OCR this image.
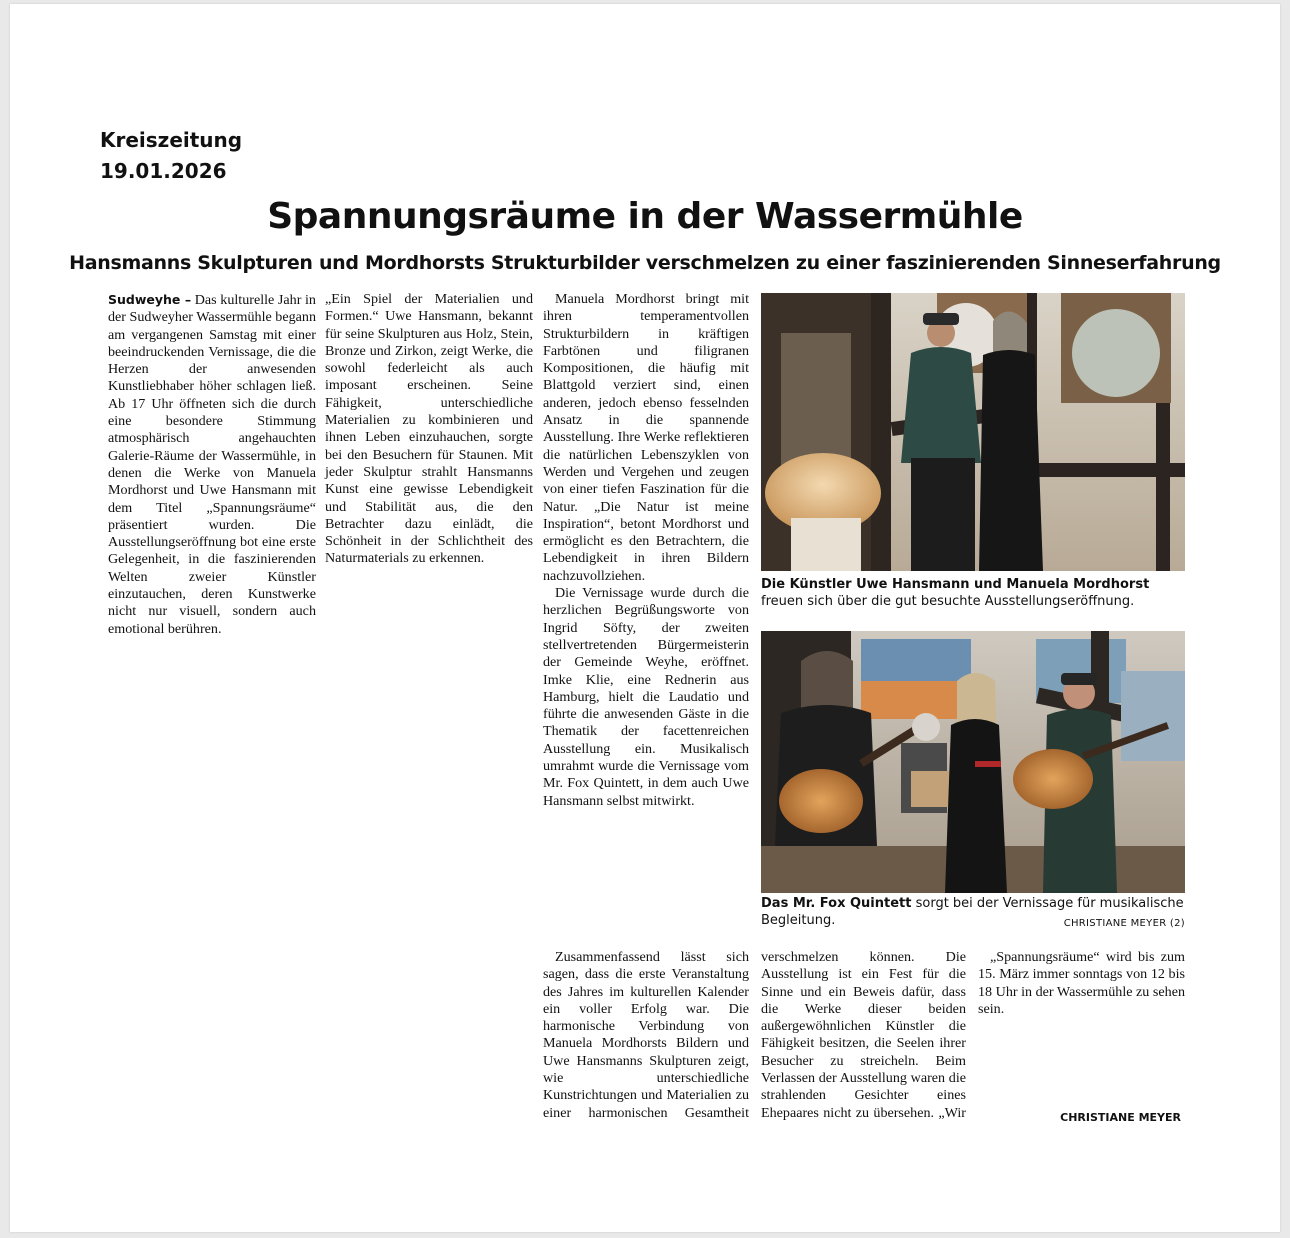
Kreiszeitung
19.01.2026

Spannungsräume in der Wassermühle
Hansmanns Skulpturen und Mordhorsts Strukturbilder verschmelzen zu einer faszinierenden Sinneserfahrung

Sudweyhe – Das kulturelle Jahr in der Sudweyher Wassermühle begann am vergangenen Samstag mit einer beeindruckenden Vernissage, die die Herzen der anwesenden Kunstliebhaber höher schlagen ließ. Ab 17 Uhr öffneten sich die durch eine besondere Stimmung atmosphärisch angehauchten Galerie-Räume der Wassermühle, in denen die Werke von Manuela Mordhorst und Uwe Hansmann mit dem Titel „Spannungsräume“ präsentiert wurden. Die Ausstellungseröffnung bot eine erste Gelegenheit, in die faszinierenden Welten zweier Künstler einzutauchen, deren Kunstwerke nicht nur visuell, sondern auch emotional berühren.

„Ein Spiel der Materialien und Formen.“ Uwe Hansmann, bekannt für seine Skulpturen aus Holz, Stein, Bronze und Zirkon, zeigt Werke, die sowohl federleicht als auch imposant erscheinen. Seine Fähigkeit, unterschiedliche Materialien zu kombinieren und ihnen Leben einzuhauchen, sorgte bei den Besuchern für Staunen. Mit jeder Skulptur strahlt Hansmanns Kunst eine gewisse Lebendigkeit und Stabilität aus, die den Betrachter dazu einlädt, die Schönheit in der Schlichtheit des Naturmaterials zu erkennen.

Manuela Mordhorst bringt mit ihren temperamentvollen Strukturbildern in kräftigen Farbtönen und filigranen Kompositionen, die häufig mit Blattgold verziert sind, einen anderen, jedoch ebenso fesselnden Ansatz in die spannende Ausstellung. Ihre Werke reflektieren die natürlichen Lebenszyklen von Werden und Vergehen und zeugen von einer tiefen Faszination für die Natur. „Die Natur ist meine Inspiration“, betont Mordhorst und ermöglicht es den Betrachtern, die Lebendigkeit in ihren Bildern nachzuvollziehen.

Die Vernissage wurde durch die herzlichen Begrüßungsworte von Ingrid Söfty, der zweiten stellvertretenden Bürgermeisterin der Gemeinde Weyhe, eröffnet. Imke Klie, eine Rednerin aus Hamburg, hielt die Laudatio und führte die anwesenden Gäste in die Thematik der facettenreichen Ausstellung ein. Musikalisch umrahmt wurde die Vernissage vom Mr. Fox Quintett, in dem auch Uwe Hansmann selbst mitwirkt.

Zusammenfassend lässt sich sagen, dass die erste Veranstaltung des Jahres im kulturellen Kalender ein voller Erfolg war. Die harmonische Verbindung von Manuela Mordhorsts Bildern und Uwe Hansmanns Skulpturen zeigt, wie unterschiedliche Kunstrichtungen und Materialien zu einer harmonischen Gesamtheit

verschmelzen können. Die Ausstellung ist ein Fest für die Sinne und ein Beweis dafür, dass die Werke dieser beiden außergewöhnlichen Künstler die Fähigkeit besitzen, die Seelen ihrer Besucher zu streicheln. Beim Verlassen der Ausstellung waren die strahlenden Gesichter eines Ehepaares nicht zu übersehen. „Wir

„Spannungsräume“ wird bis zum 15. März immer sonntags von 12 bis 18 Uhr in der Wassermühle zu sehen sein.

CHRISTIANE MEYER
Die Künstler Uwe Hansmann und Manuela Mordhorst freuen sich über die gut besuchte Ausstellungseröffnung.
Das Mr. Fox Quintett sorgt bei der Vernissage für musikalische Begleitung.	CHRISTIANE MEYER (2)
